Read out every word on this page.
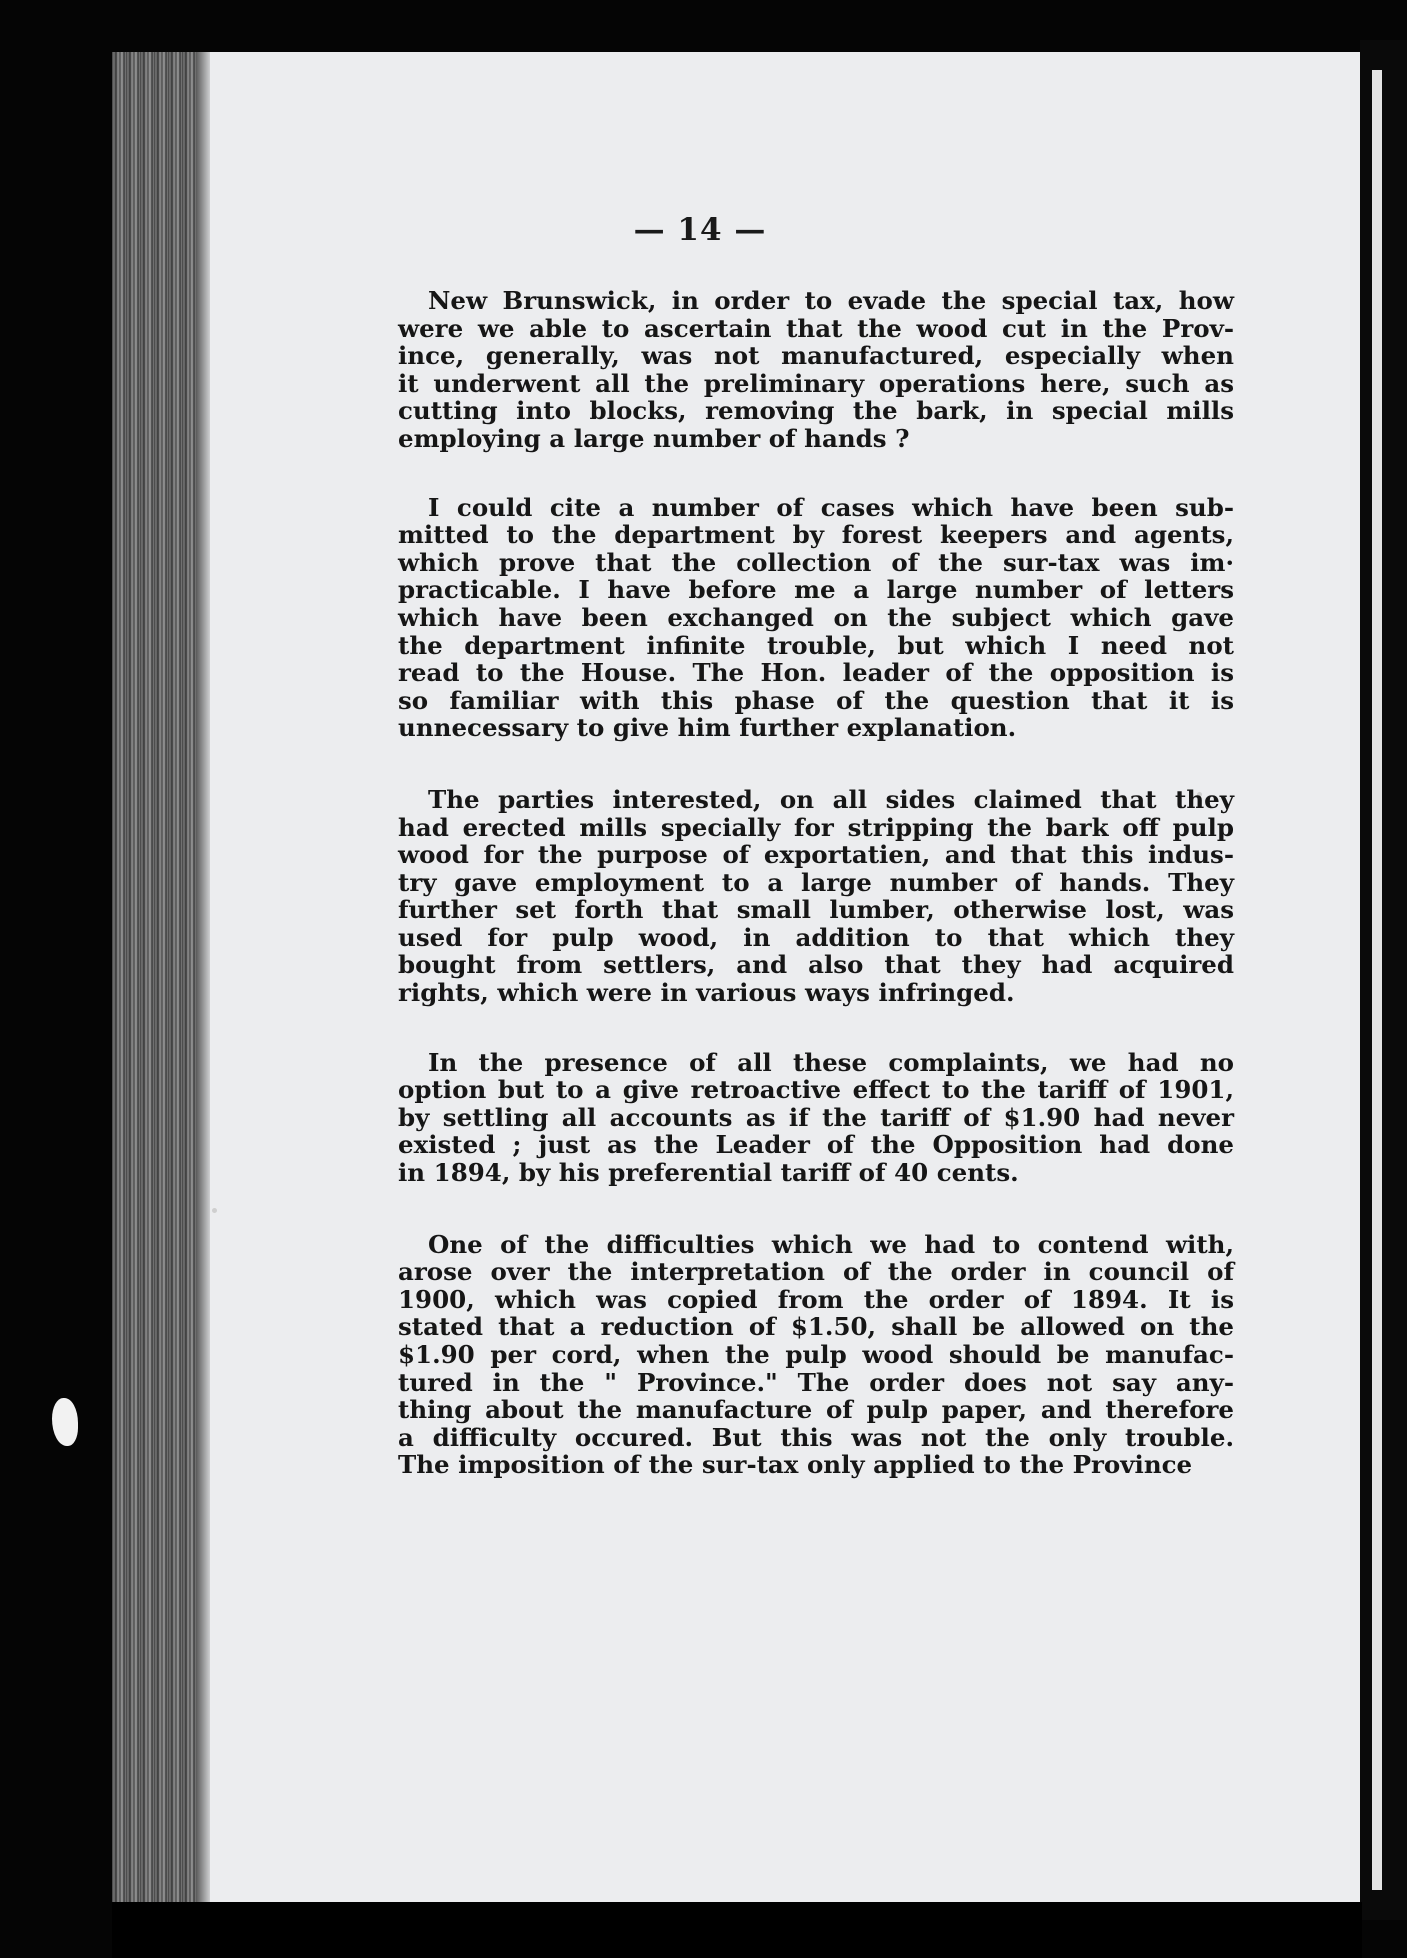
— 14 —

New Brunswick, in order to evade the special tax, how
were we able to ascertain that the wood cut in the Prov-
ince, generally, was not manufactured, especially when
it underwent all the preliminary operations here, such as
cutting into blocks, removing the bark, in special mills
employing a large number of hands ?

I could cite a number of cases which have been sub-
mitted to the department by forest keepers and agents,
which prove that the collection of the sur-tax was im·
practicable. I have before me a large number of letters
which have been exchanged on the subject which gave
the department infinite trouble, but which I need not
read to the House. The Hon. leader of the opposition is
so familiar with this phase of the question that it is
unnecessary to give him further explanation.

The parties interested, on all sides claimed that they
had erected mills specially for stripping the bark off pulp
wood for the purpose of exportatien, and that this indus-
try gave employment to a large number of hands. They
further set forth that small lumber, otherwise lost, was
used for pulp wood, in addition to that which they
bought from settlers, and also that they had acquired
rights, which were in various ways infringed.

In the presence of all these complaints, we had no
option but to a give retroactive effect to the tariff of 1901,
by settling all accounts as if the tariff of $1.90 had never
existed ; just as the Leader of the Opposition had done
in 1894, by his preferential tariff of 40 cents.

One of the difficulties which we had to contend with,
arose over the interpretation of the order in council of
1900, which was copied from the order of 1894. It is
stated that a reduction of $1.50, shall be allowed on the
$1.90 per cord, when the pulp wood should be manufac-
tured in the " Province." The order does not say any-
thing about the manufacture of pulp paper, and therefore
a difficulty occured. But this was not the only trouble.
The imposition of the sur-tax only applied to the Province
